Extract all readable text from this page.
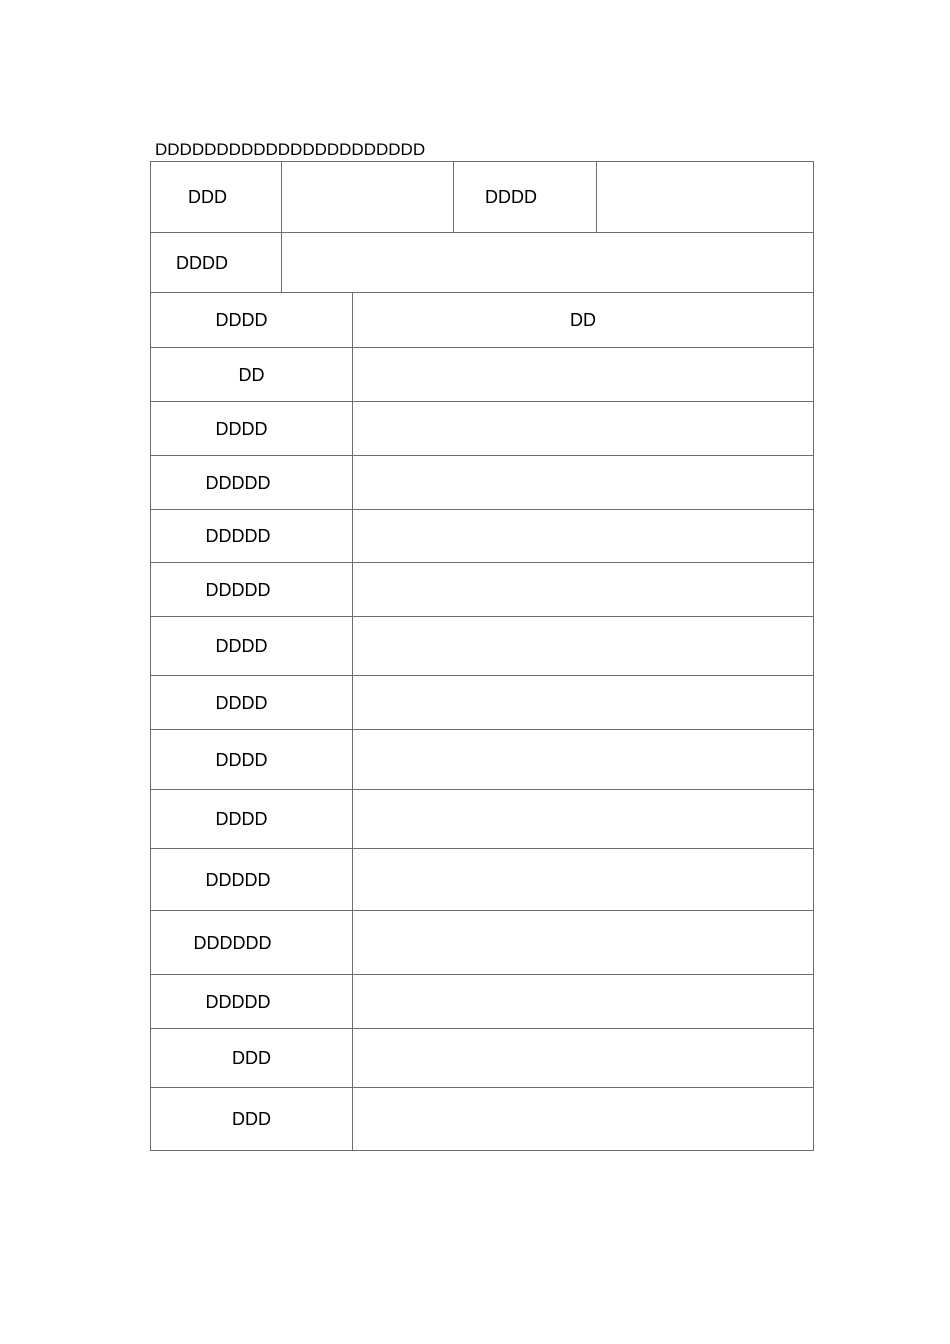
DDDDDDDDDDDDDDDDDDDDDD
DDD		DDDD	
DDDD			
DDDD	DD
DD	
DDDD	
DDDDD	
DDDDD	
DDDDD	
DDDD	
DDDD	
DDDD	
DDDD	
DDDDD	
DDDDDD	
DDDDD	
DDD	
DDD	
